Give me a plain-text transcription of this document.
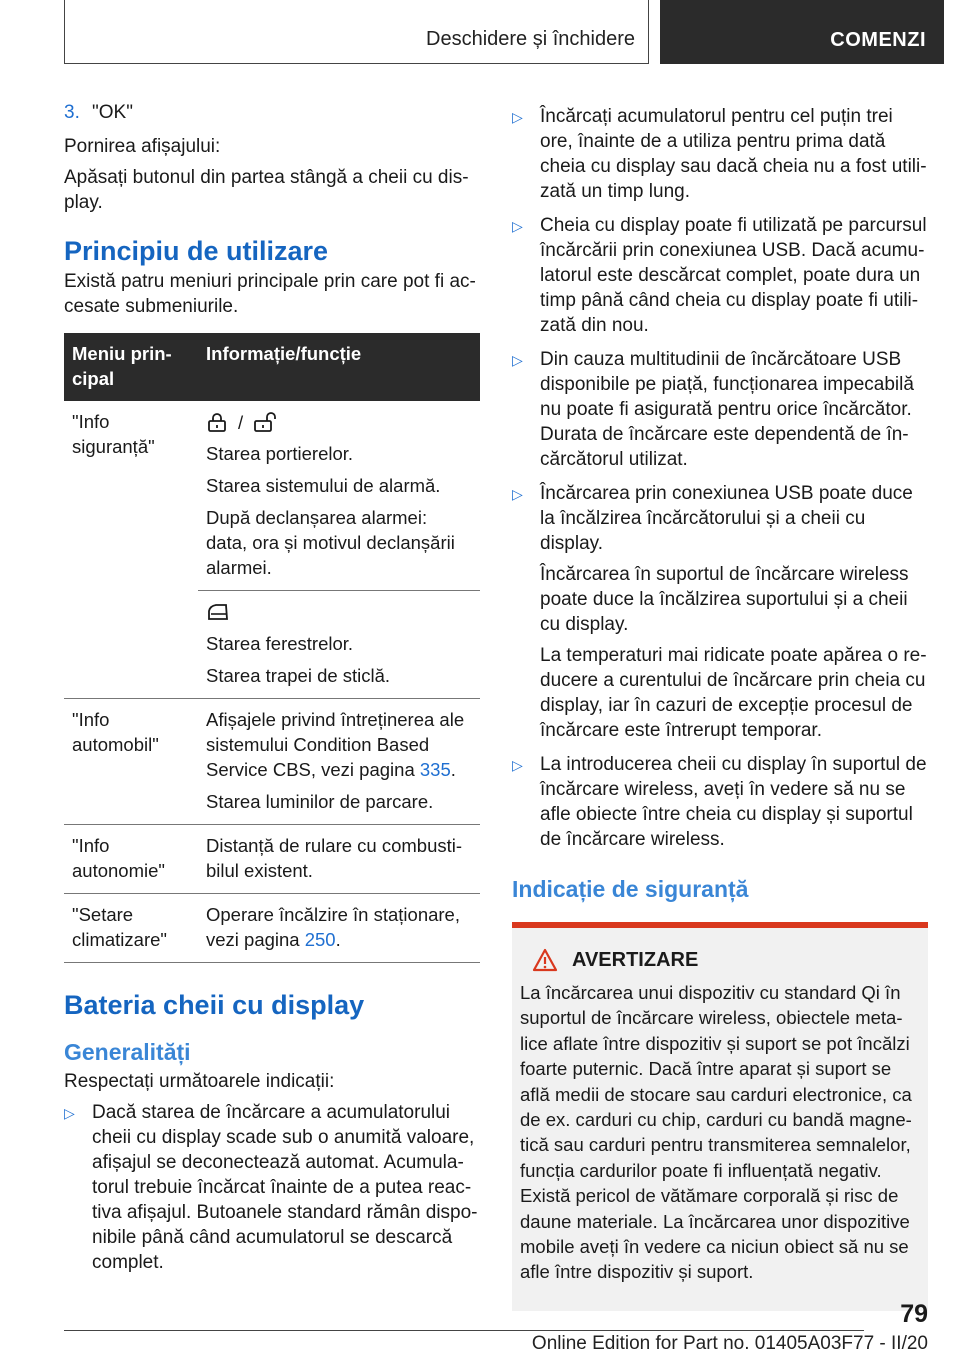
Deschidere și închidere	COMENZI
3. "OK"

Pornirea afișajului:

Apăsați butonul din partea stângă a cheii cu dis-play.

Principiu de utilizare

Există patru meniuri principale prin care pot fi ac-cesate submeniurile.

Meniu prin-cipal	Informație/funcție
"Info siguranță"	/
Starea portierelor.
Starea sistemului de alarmă.
După declanșarea alarmei: data, ora și motivul declanșării alarmei.

	Starea ferestrelor.
Starea trapei de sticlă.

"Info automobil"	Afișajele privind întreținerea ale sistemului Condition Based Service CBS, vezi pagina 335.
Starea luminilor de parcare.

"Info autonomie"	Distanță de rulare cu combusti-bilul existent.

"Setare climatizare"	Operare încălzire în staționare, vezi pagina 250.
Bateria cheii cu display
Generalități

Respectați următoarele indicații:

▷ Dacă starea de încărcare a acumulatorului cheii cu display scade sub o anumită valoare, afișajul se deconectează automat. Acumula-torul trebuie încărcat înainte de a putea reac-tiva afișajul. Butoanele standard rămân dispo-nibile până când acumulatorul se descarcă complet.
▷ Încărcați acumulatorul pentru cel puțin trei ore, înainte de a utiliza pentru prima dată cheia cu display sau dacă cheia nu a fost utili-zată un timp lung.
▷ Cheia cu display poate fi utilizată pe parcursul încărcării prin conexiunea USB. Dacă acumu-latorul este descărcat complet, poate dura un timp până când cheia cu display poate fi utili-zată din nou.
▷ Din cauza multitudinii de încărcătoare USB disponibile pe piață, funcționarea impecabilă nu poate fi asigurată pentru orice încărcător. Durata de încărcare este dependentă de în-cărcătorul utilizat.
▷ Încărcarea prin conexiunea USB poate duce la încălzirea încărcătorului și a cheii cu display.

Încărcarea în suportul de încărcare wireless poate duce la încălzirea suportului și a cheii cu display.

La temperaturi mai ridicate poate apărea o re-ducere a curentului de încărcare prin cheia cu display, iar în cazuri de excepție procesul de încărcare este întrerupt temporar.

▷ La introducerea cheii cu display în suportul de încărcare wireless, aveți în vedere să nu se afle obiecte între cheia cu display și suportul de încărcare wireless.
Indicație de siguranță
AVERTIZARE

La încărcarea unui dispozitiv cu standard Qi în suportul de încărcare wireless, obiectele meta-lice aflate între dispozitiv și suport se pot încălzi foarte puternic. Dacă între aparat și suport se află medii de stocare sau carduri electronice, ca de ex. carduri cu chip, carduri cu bandă magne-tică sau carduri pentru transmiterea semnalelor, funcția cardurilor poate fi influențată negativ. Există pericol de vătămare corporală și risc de daune materiale. La încărcarea unor dispozitive mobile aveți în vedere ca niciun obiect să nu se afle între dispozitiv și suport.

79
Online Edition for Part no. 01405A03F77 - II/20
